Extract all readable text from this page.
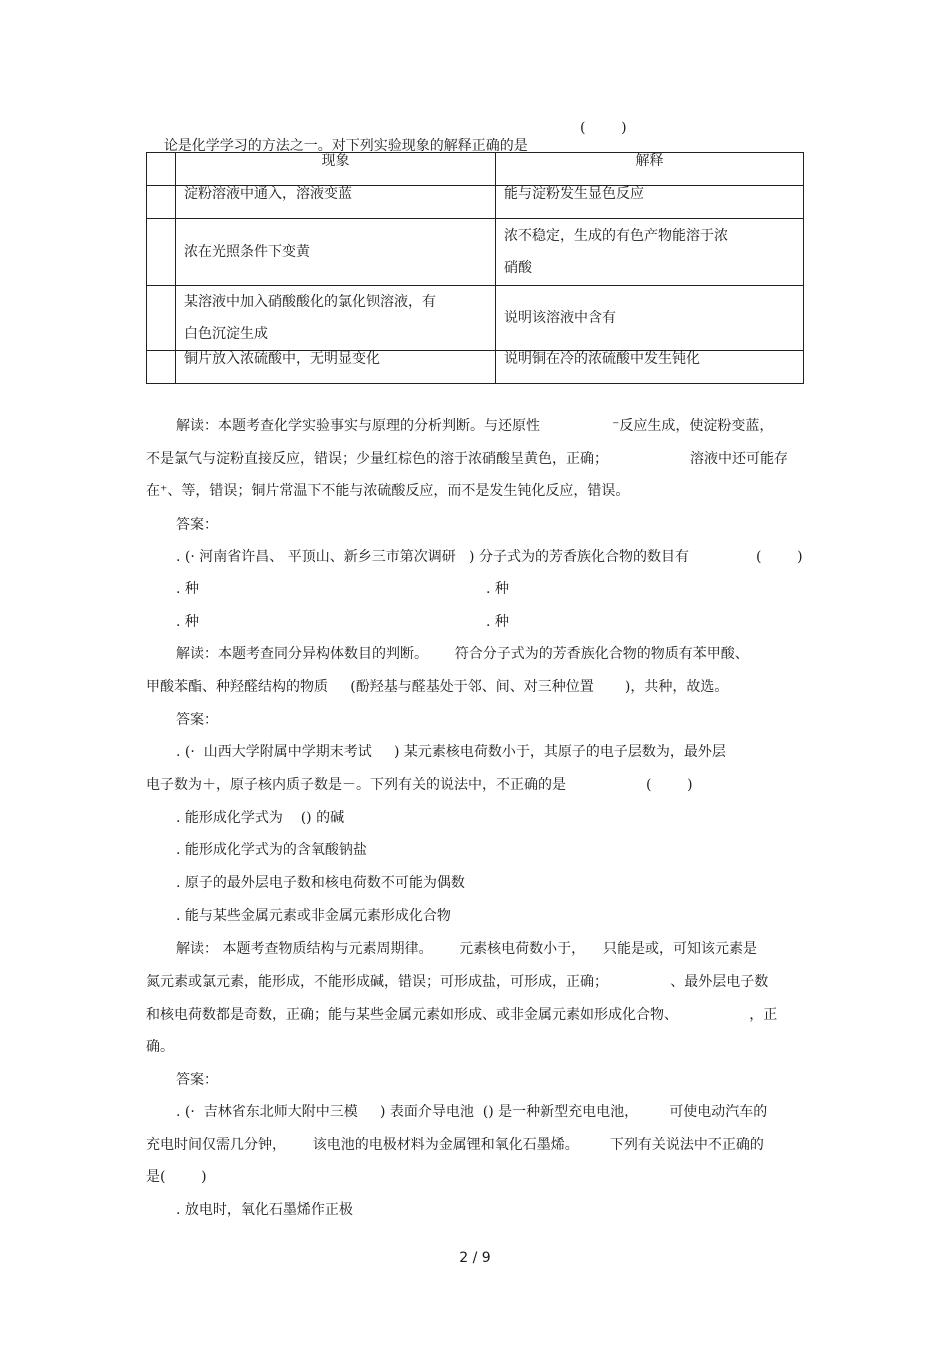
论是化学学习的方法之一。对下列实验现象的解释正确的是

(        )
	现象	解释
	淀粉溶液中通入，溶液变蓝	能与淀粉发生显色反应
	浓在光照条件下变黄	浓不稳定，生成的有色产物能溶于浓
硝酸

	某溶液中加入硝酸酸化的氯化钡溶液，有
白色沉淀生成	说明该溶液中含有
	铜片放入浓硫酸中，无明显变化	说明铜在冷的浓硫酸中发生钝化
解读：本题考查化学实验事实与原理的分析判断。与还原性	⁻反应生成，使淀粉变蓝，
不是氯气与淀粉直接反应，错误；少量红棕色的溶于浓硝酸呈黄色，正确；	溶液中还可能存
在⁺、等，错误；铜片常温下不能与浓硫酸反应，而不是发生钝化反应，错误。
答案：
. (· 河南省许昌、 平顶山、新乡三市第次调研   ) 分子式为的芳香族化合物的数目有	(        )
. 种	. 种
. 种	. 种
解读：本题考查同分异构体数目的判断。      符合分子式为的芳香族化合物的物质有苯甲酸、
甲酸苯酯、种羟醛结构的物质     (酚羟基与醛基处于邻、间、对三种位置       )，共种，故选。
答案：
. (·  山西大学附属中学期末考试     ) 某元素核电荷数小于，其原子的电子层数为，最外层
电子数为＋，原子核内质子数是－。下列有关的说法中，不正确的是	(        )
. 能形成化学式为    () 的碱
. 能形成化学式为的含氧酸钠盐
. 原子的最外层电子数和核电荷数不可能为偶数
. 能与某些金属元素或非金属元素形成化合物
解读： 本题考查物质结构与元素周期律。      元素核电荷数小于，    只能是或，可知该元素是
氮元素或氯元素，能形成，不能形成碱，错误；可形成盐，可形成，正确；              、最外层电子数
和核电荷数都是奇数，正确；能与某些金属元素如形成、或非金属元素如形成化合物、                ，正
确。
答案：
. (·  吉林省东北师大附中三模     ) 表面介导电池  () 是一种新型充电电池，       可使电动汽车的
充电时间仅需几分钟，      该电池的电极材料为金属锂和氧化石墨烯。       下列有关说法中不正确的
是(        )
. 放电时，氧化石墨烯作正极
2 / 9
